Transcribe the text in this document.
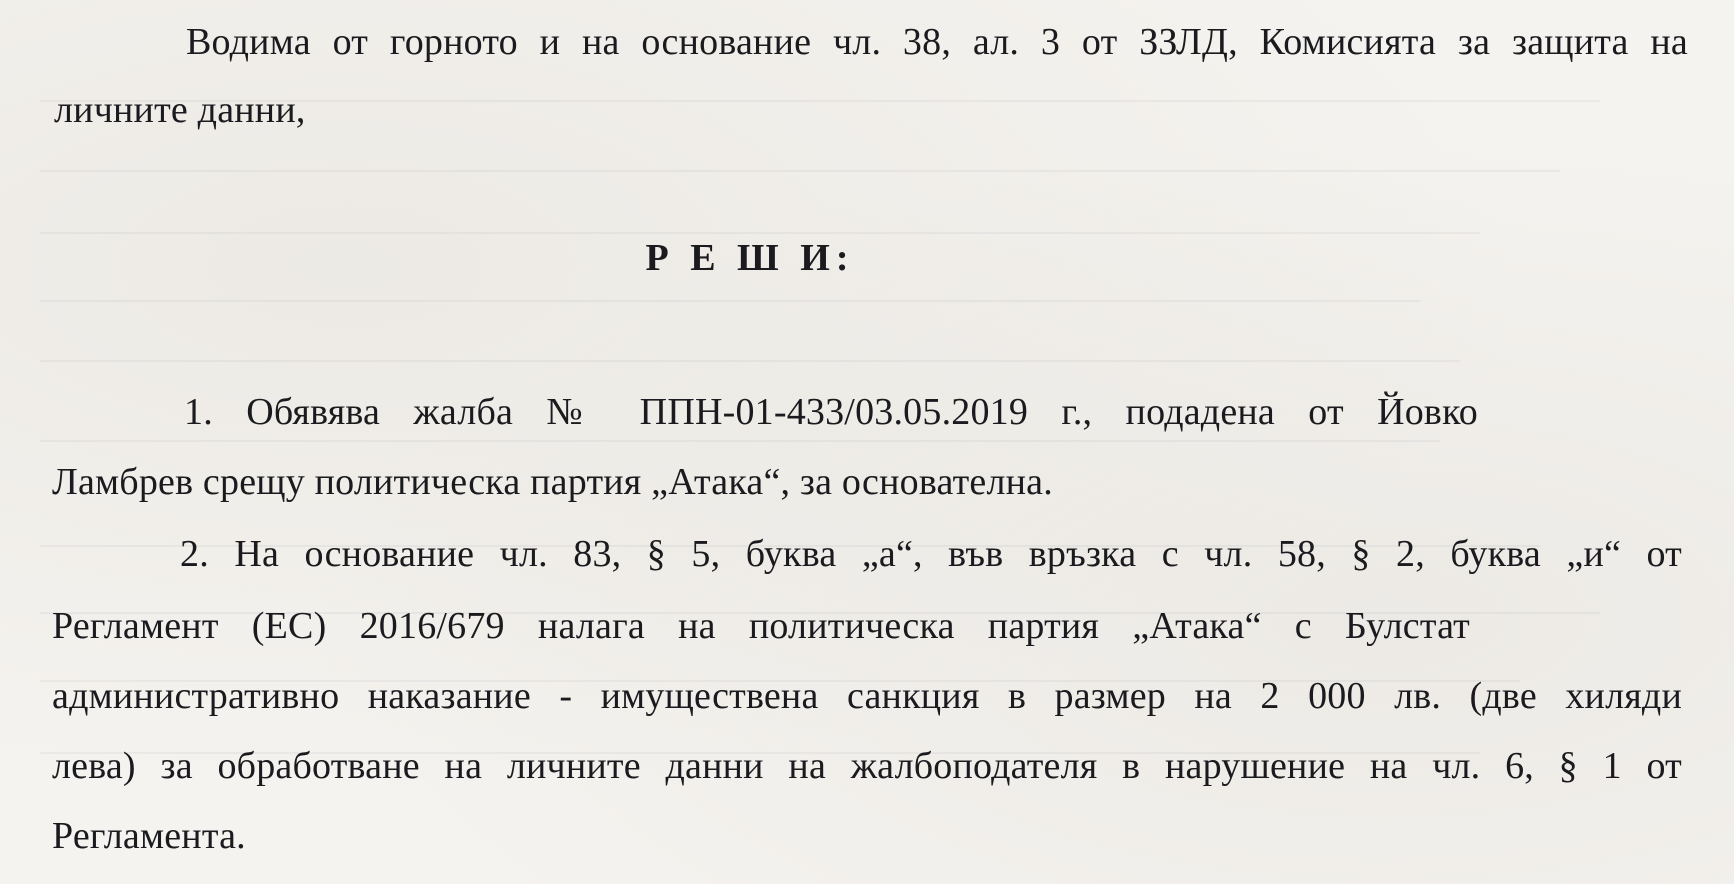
Водима от горното и на основание чл. 38, ал. 3 от ЗЗЛД, Комисията за защита на
личните данни,
Р Е Ш И:
1. Обявява жалба № ППН-01-433/03.05.2019 г., подадена от Йовко
Ламбрев срещу политическа партия „Атака“, за основателна.
2. На основание чл. 83, § 5, буква „а“, във връзка с чл. 58, § 2, буква „и“ от
Регламент (ЕС) 2016/679 налага на политическа партия „Атака“ с Булстат
административно наказание - имуществена санкция в размер на 2 000 лв. (две хиляди
лева) за обработване на личните данни на жалбоподателя в нарушение на чл. 6, § 1 от
Регламента.
